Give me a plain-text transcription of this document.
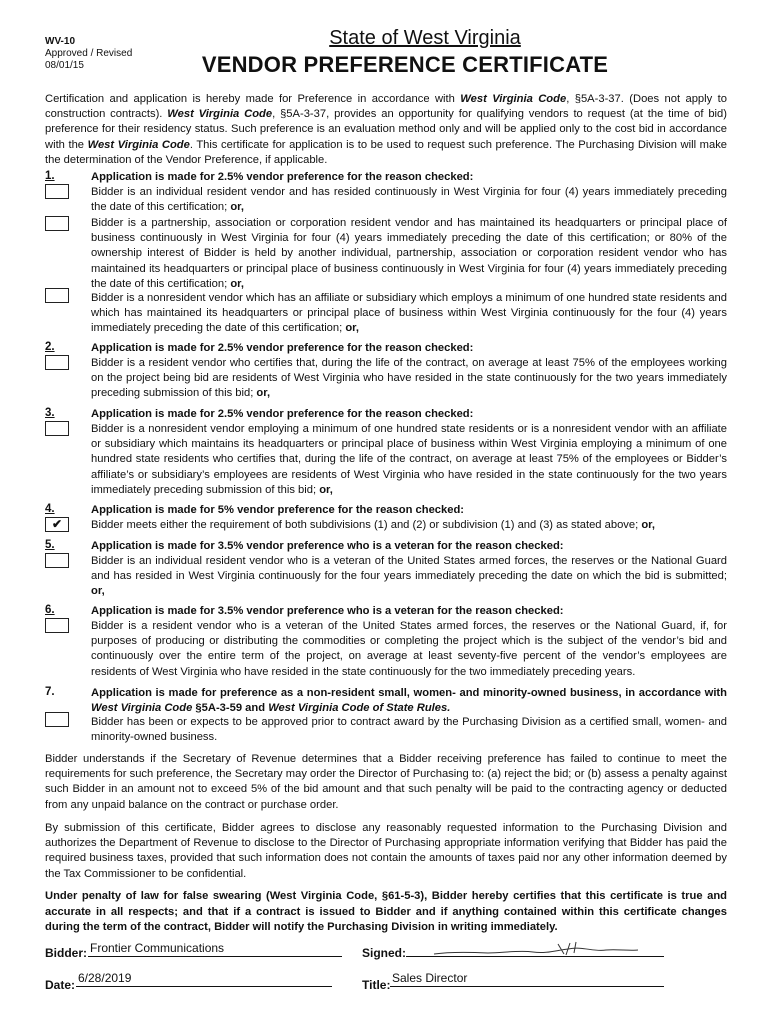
WV-10
Approved / Revised
08/01/15
State of West Virginia
VENDOR PREFERENCE CERTIFICATE
Certification and application is hereby made for Preference in accordance with West Virginia Code, §5A-3-37. (Does not apply to construction contracts). West Virginia Code, §5A-3-37, provides an opportunity for qualifying vendors to request (at the time of bid) preference for their residency status. Such preference is an evaluation method only and will be applied only to the cost bid in accordance with the West Virginia Code. This certificate for application is to be used to request such preference. The Purchasing Division will make the determination of the Vendor Preference, if applicable.
1.	Application is made for 2.5% vendor preference for the reason checked:
Bidder is an individual resident vendor and has resided continuously in West Virginia for four (4) years immediately preceding the date of this certification; or,
Bidder is a partnership, association or corporation resident vendor and has maintained its headquarters or principal place of business continuously in West Virginia for four (4) years immediately preceding the date of this certification; or 80% of the ownership interest of Bidder is held by another individual, partnership, association or corporation resident vendor who has maintained its headquarters or principal place of business continuously in West Virginia for four (4) years immediately preceding the date of this certification; or,
Bidder is a nonresident vendor which has an affiliate or subsidiary which employs a minimum of one hundred state residents and which has maintained its headquarters or principal place of business within West Virginia continuously for the four (4) years immediately preceding the date of this certification; or,
2.	Application is made for 2.5% vendor preference for the reason checked:
Bidder is a resident vendor who certifies that, during the life of the contract, on average at least 75% of the employees working on the project being bid are residents of West Virginia who have resided in the state continuously for the two years immediately preceding submission of this bid; or,
3.	Application is made for 2.5% vendor preference for the reason checked:
Bidder is a nonresident vendor employing a minimum of one hundred state residents or is a nonresident vendor with an affiliate or subsidiary which maintains its headquarters or principal place of business within West Virginia employing a minimum of one hundred state residents who certifies that, during the life of the contract, on average at least 75% of the employees or Bidder’s affiliate’s or subsidiary’s employees are residents of West Virginia who have resided in the state continuously for the two years immediately preceding submission of this bid; or,
4.	Application is made for 5% vendor preference for the reason checked:
✔	Bidder meets either the requirement of both subdivisions (1) and (2) or subdivision (1) and (3) as stated above; or,
5.	Application is made for 3.5% vendor preference who is a veteran for the reason checked:
Bidder is an individual resident vendor who is a veteran of the United States armed forces, the reserves or the National Guard and has resided in West Virginia continuously for the four years immediately preceding the date on which the bid is submitted; or,
6.	Application is made for 3.5% vendor preference who is a veteran for the reason checked:
Bidder is a resident vendor who is a veteran of the United States armed forces, the reserves or the National Guard, if, for purposes of producing or distributing the commodities or completing the project which is the subject of the vendor’s bid and continuously over the entire term of the project, on average at least seventy-five percent of the vendor’s employees are residents of West Virginia who have resided in the state continuously for the two immediately preceding years.
7.	Application is made for preference as a non-resident small, women- and minority-owned business, in accordance with West Virginia Code §5A-3-59 and West Virginia Code of State Rules.
Bidder has been or expects to be approved prior to contract award by the Purchasing Division as a certified small, women- and minority-owned business.
Bidder understands if the Secretary of Revenue determines that a Bidder receiving preference has failed to continue to meet the requirements for such preference, the Secretary may order the Director of Purchasing to: (a) reject the bid; or (b) assess a penalty against such Bidder in an amount not to exceed 5% of the bid amount and that such penalty will be paid to the contracting agency or deducted from any unpaid balance on the contract or purchase order.
By submission of this certificate, Bidder agrees to disclose any reasonably requested information to the Purchasing Division and authorizes the Department of Revenue to disclose to the Director of Purchasing appropriate information verifying that Bidder has paid the required business taxes, provided that such information does not contain the amounts of taxes paid nor any other information deemed by the Tax Commissioner to be confidential.
Under penalty of law for false swearing (West Virginia Code, §61-5-3), Bidder hereby certifies that this certificate is true and accurate in all respects; and that if a contract is issued to Bidder and if anything contained within this certificate changes during the term of the contract, Bidder will notify the Purchasing Division in writing immediately.
Bidder: Frontier Communications	Signed:
Date: 6/28/2019	Title: Sales Director
